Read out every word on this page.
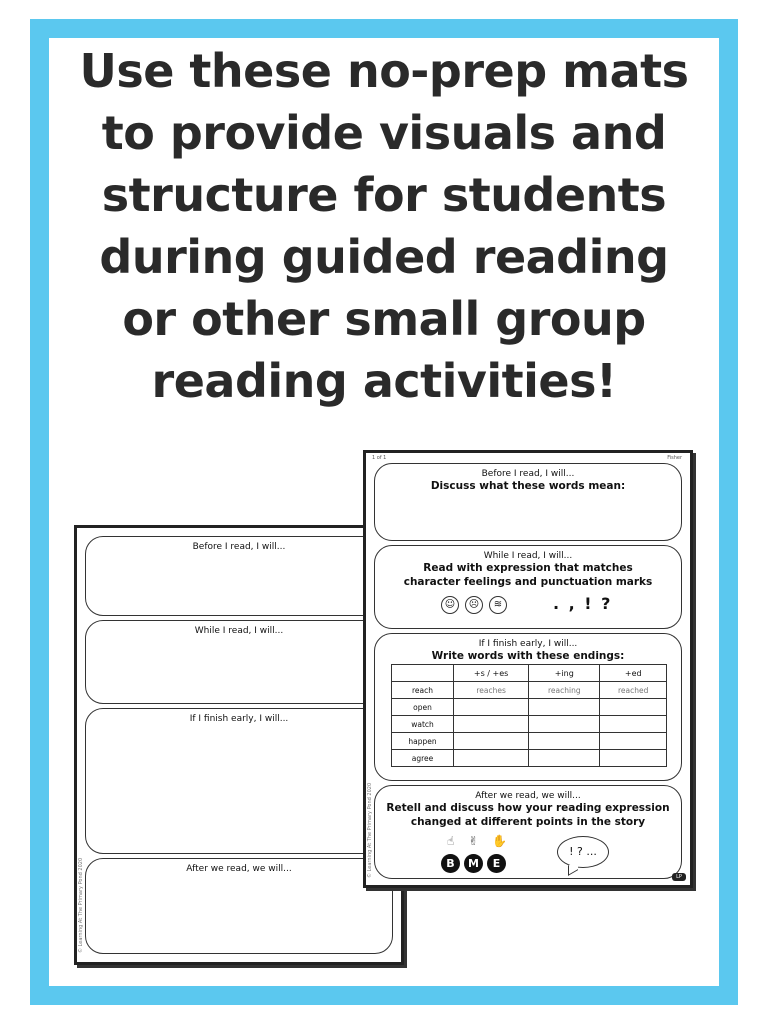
Use these no-prep mats
to provide visuals and
structure for students
during guided reading
or other small group
reading activities!
Before I read, I will...
While I read, I will...
If I finish early, I will...
After we read, we will...
© Learning At The Primary Pond 2020
1 of 1	Fisher
Before I read, I will...
Discuss what these words mean:
While I read, I will...
Read with expression that matches
character feelings and punctuation marks
☺	☹	≋	. , ! ?
If I finish early, I will...
Write words with these endings:
	+s / +es	+ing	+ed
reach	reaches	reaching	reached
open			
watch			
happen			
agree			
After we read, we will...
Retell and discuss how your reading expression
changed at different points in the story
☝ ✌ ✋
B	M	E
! ? ...
© Learning At The Primary Pond 2020	LP
